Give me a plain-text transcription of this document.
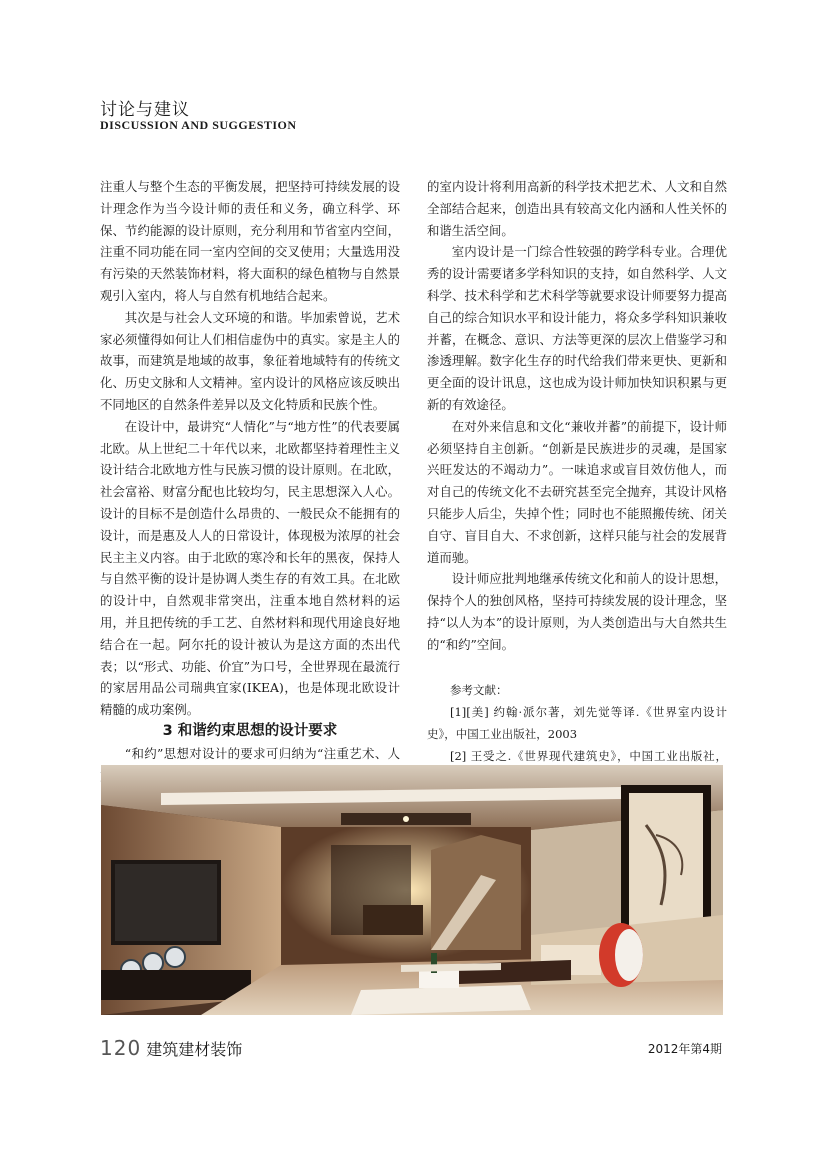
讨论与建议
DISCUSSION AND SUGGESTION

注重人与整个生态的平衡发展，把坚持可持续发展的设计理念作为当今设计师的责任和义务，确立科学、环保、节约能源的设计原则，充分利用和节省室内空间，注重不同功能在同一室内空间的交叉使用；大量选用没有污染的天然装饰材料，将大面积的绿色植物与自然景观引入室内，将人与自然有机地结合起来。

其次是与社会人文环境的和谐。毕加索曾说，艺术家必须懂得如何让人们相信虚伪中的真实。家是主人的故事，而建筑是地域的故事，象征着地域特有的传统文化、历史文脉和人文精神。室内设计的风格应该反映出不同地区的自然条件差异以及文化特质和民族个性。

在设计中，最讲究“人情化”与“地方性”的代表要属北欧。从上世纪二十年代以来，北欧都坚持着理性主义设计结合北欧地方性与民族习惯的设计原则。在北欧，社会富裕、财富分配也比较均匀，民主思想深入人心。设计的目标不是创造什么昂贵的、一般民众不能拥有的设计，而是惠及人人的日常设计，体现极为浓厚的社会民主主义内容。由于北欧的寒冷和长年的黑夜，保持人与自然平衡的设计是协调人类生存的有效工具。在北欧的设计中，自然观非常突出，注重本地自然材料的运用，并且把传统的手工艺、自然材料和现代用途良好地结合在一起。阿尔托的设计被认为是这方面的杰出代表；以“形式、功能、价宜”为口号，全世界现在最流行的家居用品公司瑞典宜家(IKEA)，也是体现北欧设计精髓的成功案例。

3 和谐约束思想的设计要求

“和约”思想对设计的要求可归纳为“注重艺术、人

的室内设计将利用高新的科学技术把艺术、人文和自然全部结合起来，创造出具有较高文化内涵和人性关怀的和谐生活空间。

室内设计是一门综合性较强的跨学科专业。合理优秀的设计需要诸多学科知识的支持，如自然科学、人文科学、技术科学和艺术科学等就要求设计师要努力提高自己的综合知识水平和设计能力，将众多学科知识兼收并蓄，在概念、意识、方法等更深的层次上借鉴学习和渗透理解。数字化生存的时代给我们带来更快、更新和更全面的设计讯息，这也成为设计师加快知识积累与更新的有效途径。

在对外来信息和文化“兼收并蓄”的前提下，设计师必须坚持自主创新。“创新是民族进步的灵魂，是国家兴旺发达的不竭动力”。一味追求或盲目效仿他人，而对自己的传统文化不去研究甚至完全抛弃，其设计风格只能步人后尘，失掉个性；同时也不能照搬传统、闭关自守、盲目自大、不求创新，这样只能与社会的发展背道而驰。

设计师应批判地继承传统文化和前人的设计思想，保持个人的独创风格，坚持可持续发展的设计理念，坚持“以人为本”的设计原则，为人类创造出与大自然共生的“和约”空间。

参考文献：

[1][美] 约翰·派尔著，刘先觉等译.《世界室内设计史》，中国工业出版社，2003

[2] 王受之.《世界现代建筑史》，中国工业出版社，

120 建筑建材装饰	2012年第4期
